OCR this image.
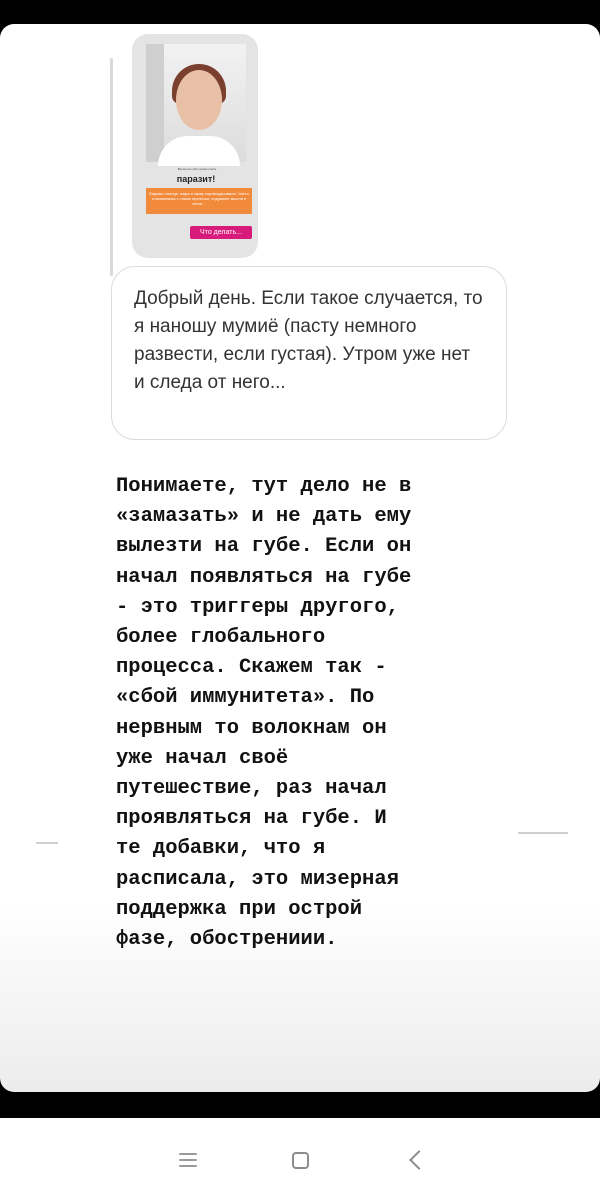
Вылез на губе герпес опять
паразит!
Видимо солнце, жара и загар спровоцировали. Часто сталкиваюсь с таким герпесом, подумают мысли в итоге...
Что делать...
Добрый день. Если такое случается, то я наношу мумиё (пасту немного развести, если густая). Утром уже нет и следа от него...
Понимаете, тут дело не в
«замазать» и не дать ему
вылезти на губе. Если он
начал появляться на губе
- это триггеры другого,
более глобального
процесса. Скажем так -
«сбой иммунитета». По
нервным то волокнам он
уже начал своё
путешествие, раз начал
проявляться на губе. И
те добавки, что я
расписала, это мизерная
поддержка при острой
фазе, обострениии.
